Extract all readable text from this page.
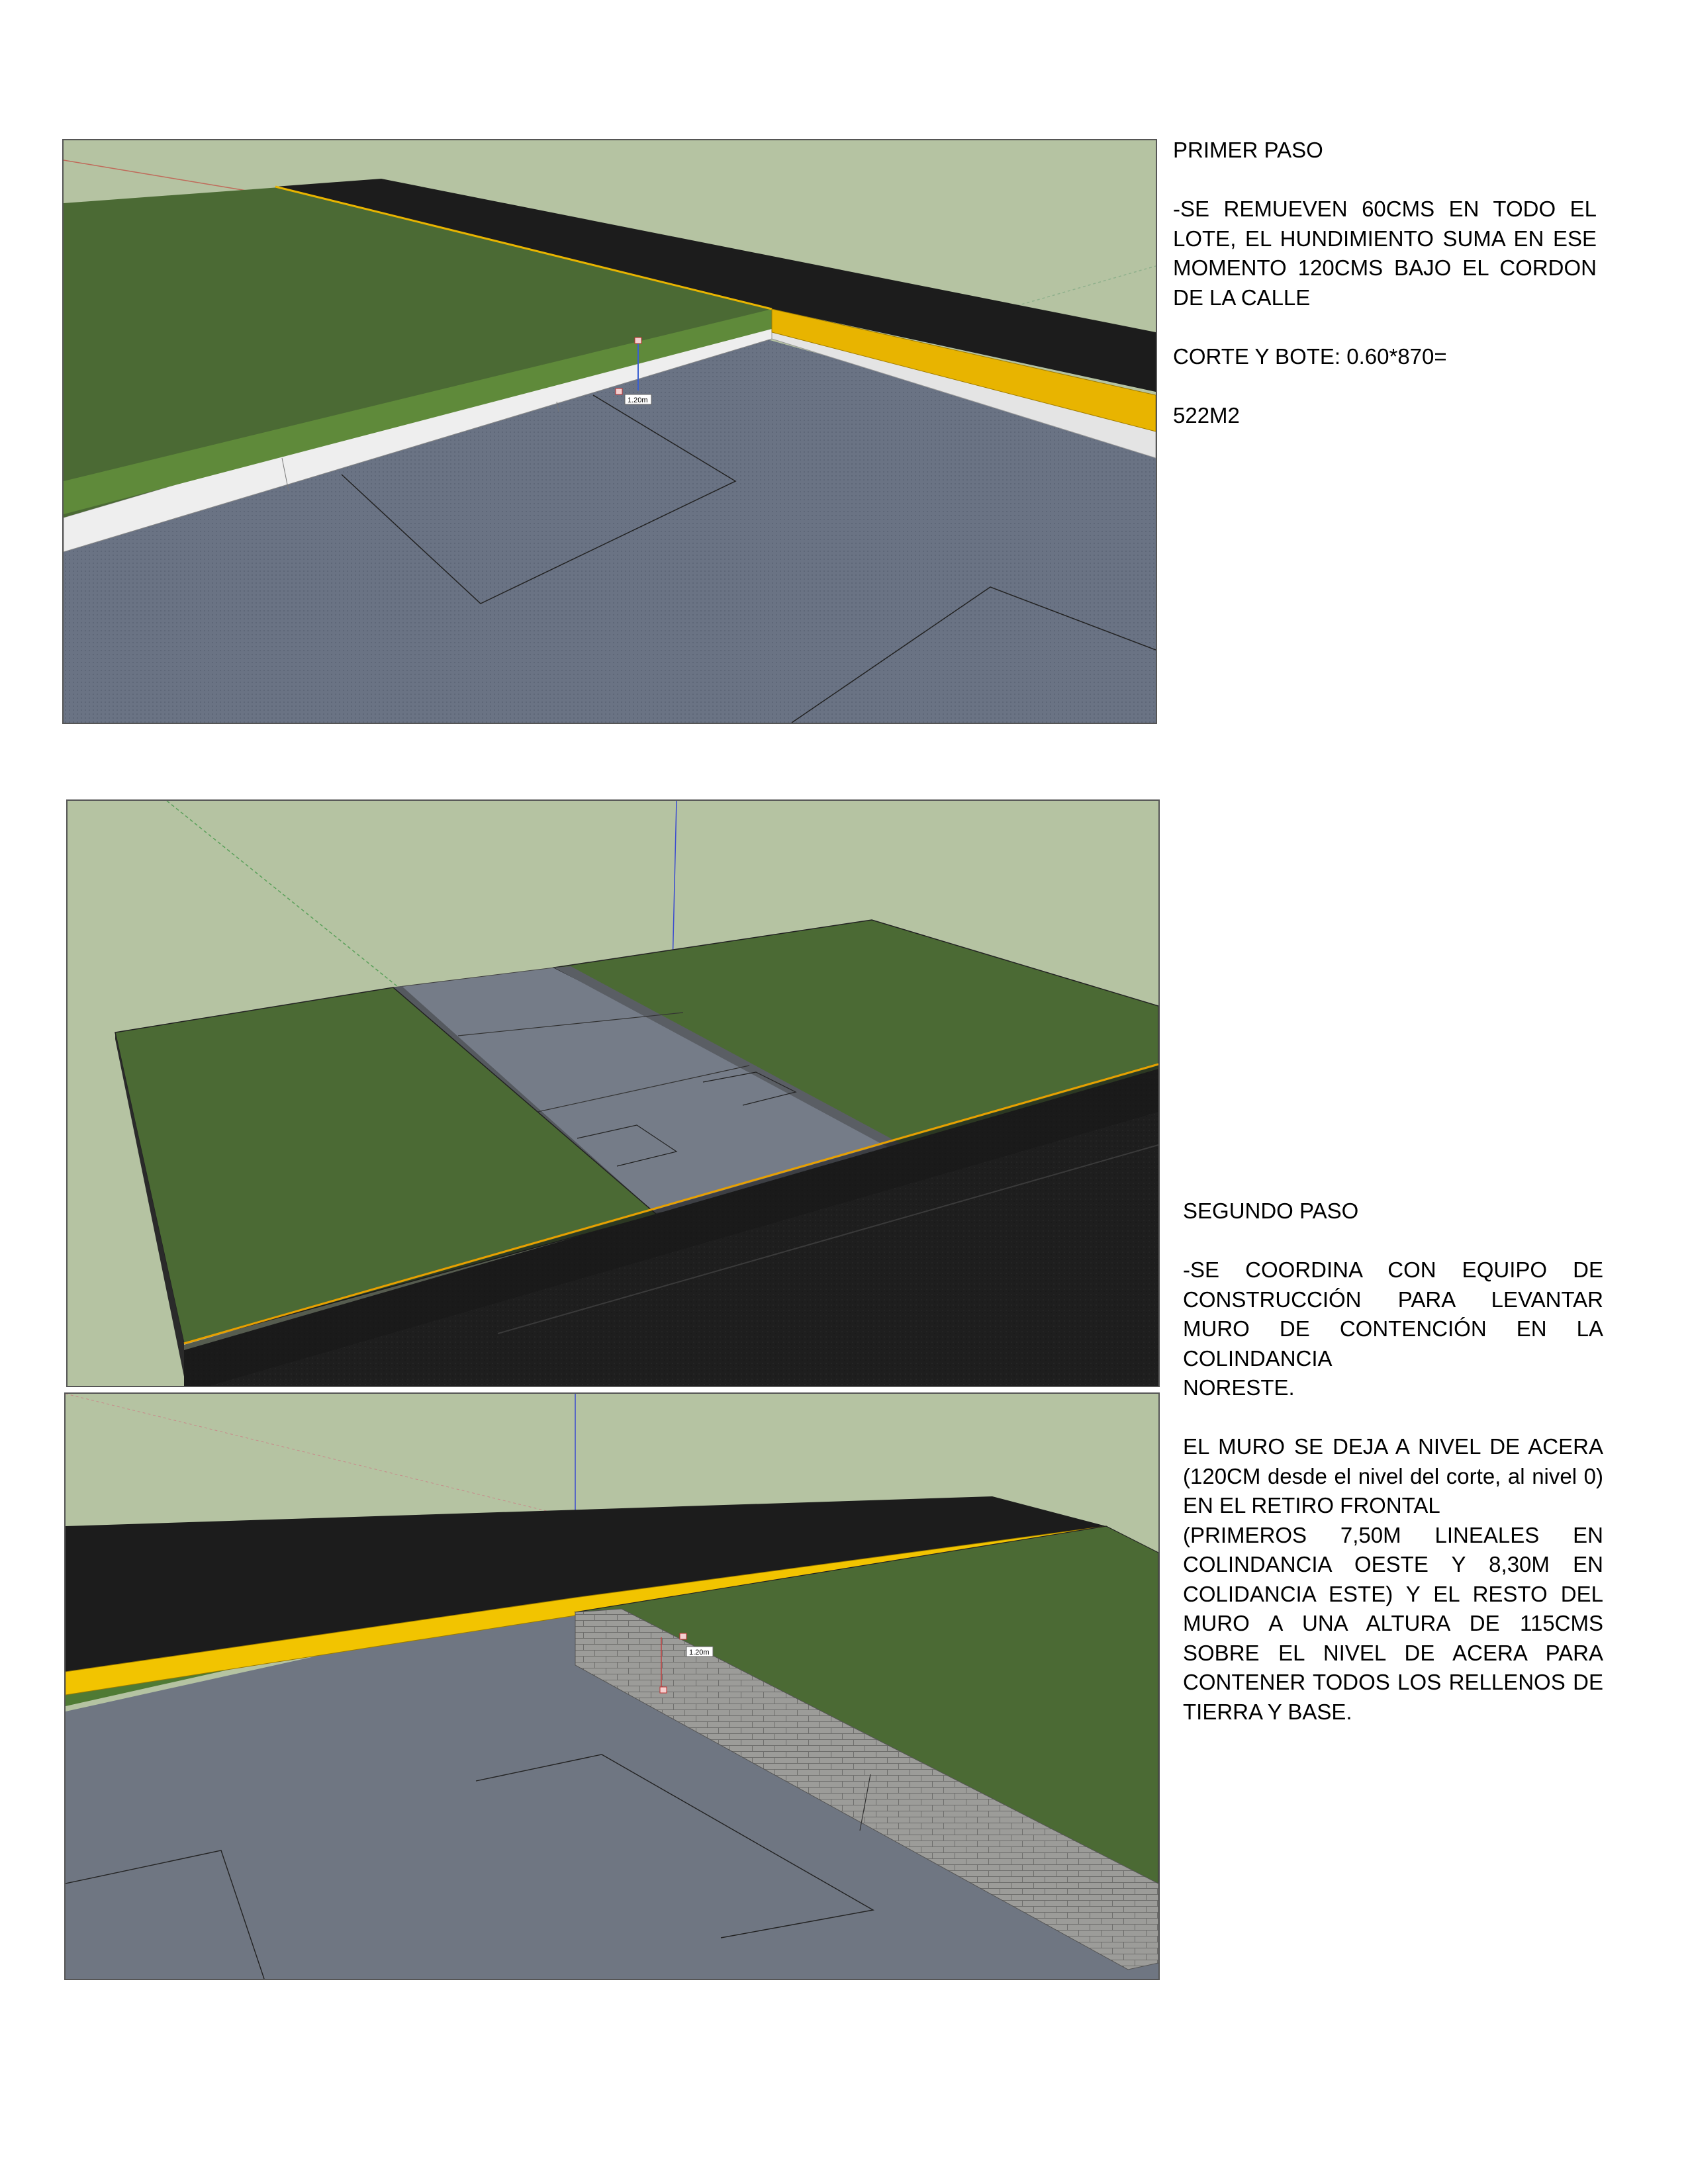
1.20m
1.20m

PRIMER PASO

-SE REMUEVEN 60CMS EN TODO EL LOTE, EL HUNDIMIENTO SUMA EN ESE MOMENTO 120CMS BAJO EL CORDON DE LA CALLE

CORTE Y BOTE: 0.60*870=

522M2

SEGUNDO PASO

-SE COORDINA CON EQUIPO DE CONSTRUCCIÓN PARA LEVANTAR MURO DE CONTENCIÓN EN LA COLINDANCIA

NORESTE.

EL MURO SE DEJA A NIVEL DE ACERA (120CM desde el nivel del corte, al nivel 0) EN EL RETIRO FRONTAL

(PRIMEROS 7,50M LINEALES EN COLINDANCIA OESTE Y 8,30M EN COLIDANCIA ESTE) Y EL RESTO DEL MURO A UNA ALTURA DE 115CMS SOBRE EL NIVEL DE ACERA PARA CONTENER TODOS LOS RELLENOS DE TIERRA Y BASE.
